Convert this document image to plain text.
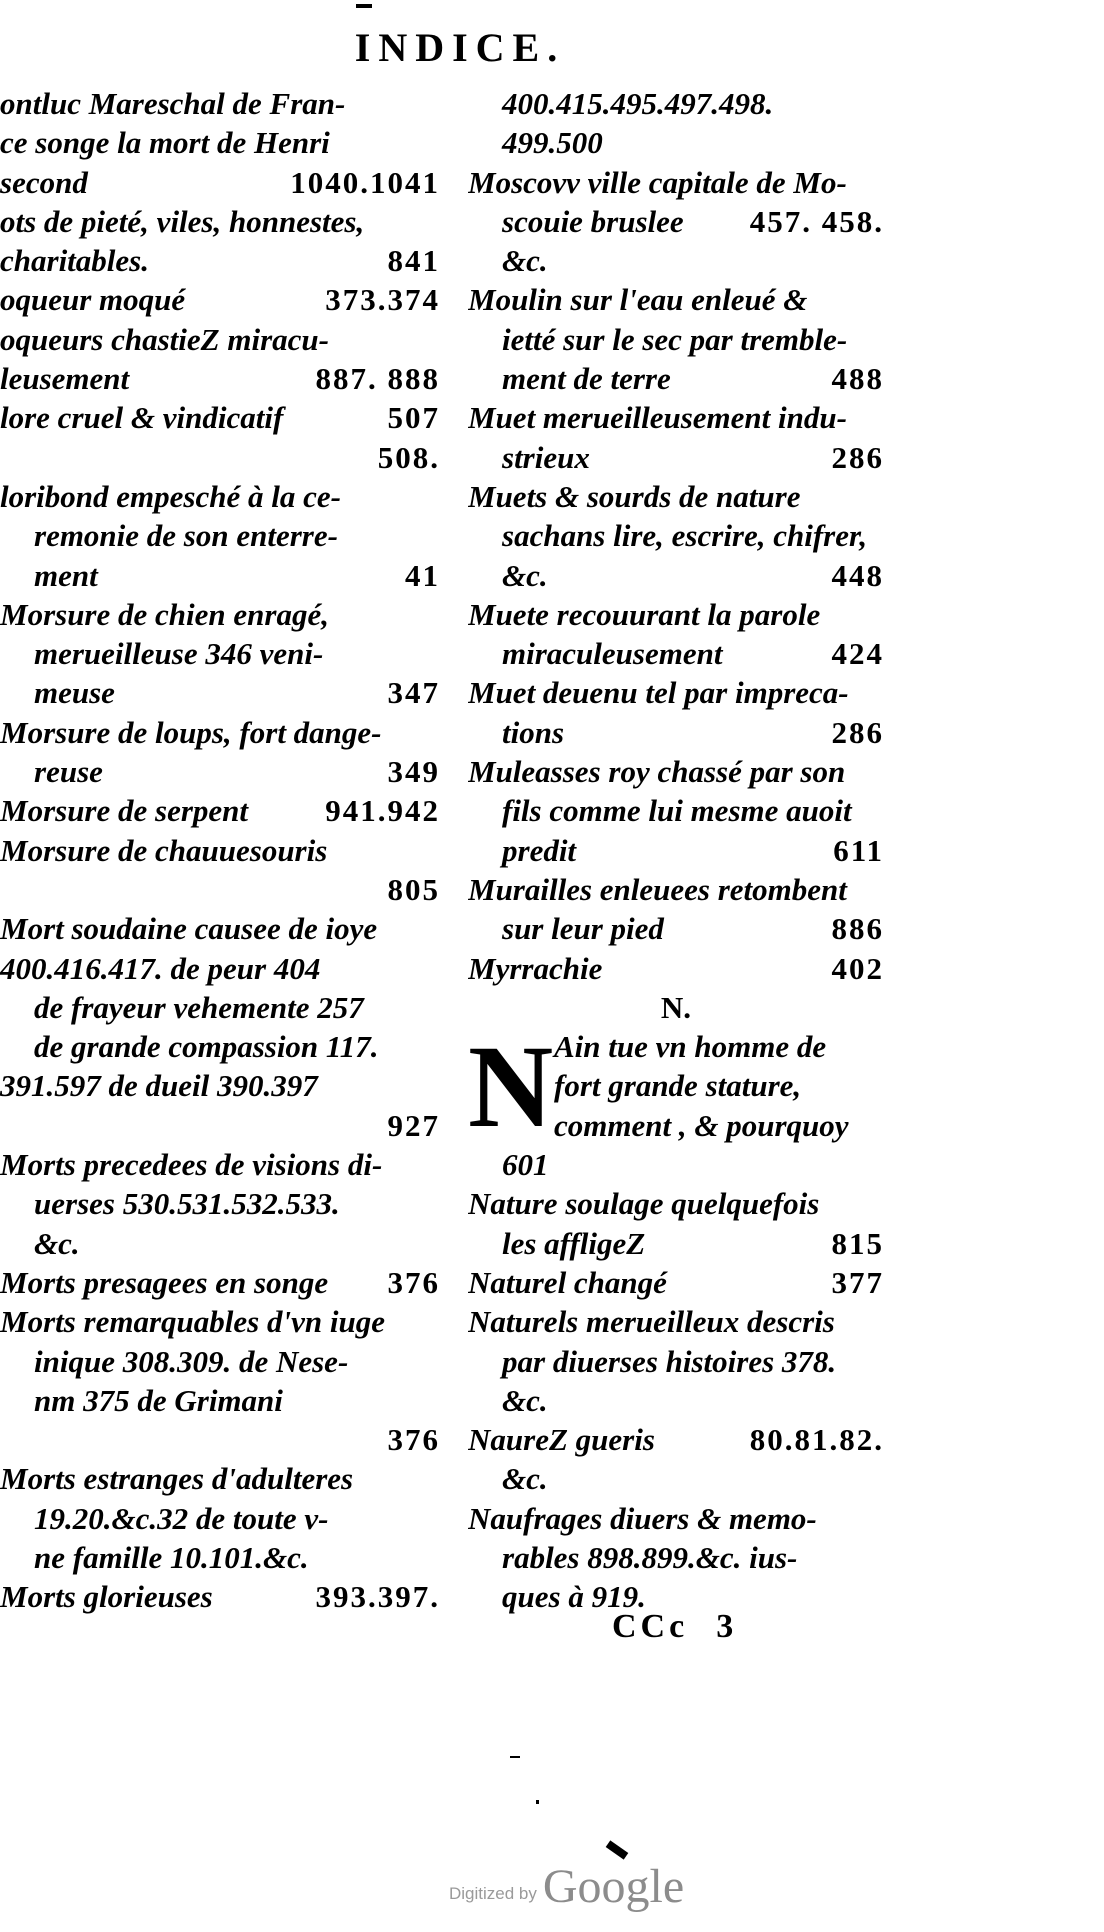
INDICE.
ontluc Mareschal de Fran-
ce songe la mort de Henri
second	1040.1041
ots de pieté, viles, honnestes,
charitables.	841
oqueur moqué	373.374
oqueurs chastieZ miracu-
leusement	887. 888
lore cruel & vindicatif	507
508.
loribond empesché à la ce-
remonie de son enterre-
ment	41
Morsure de chien enragé,
merueilleuse 346 veni-
meuse	347
Morsure de loups, fort dange-
reuse	349
Morsure de serpent 941.942
Morsure de chauuesouris
805
Mort soudaine causee de ioye
400.416.417. de peur 404
de frayeur vehemente 257
de grande compassion 117.
391.597 de dueil 390.397
927
Morts precedees de visions di-
uerses 530.531.532.533.
&c.
Morts presagees en songe 376
Morts remarquables d'vn iuge
inique 308.309. de Nese-
nm 375 de Grimani
376
Morts estranges d'adulteres
19.20.&c.32 de toute v-
ne famille 10.101.&c.
Morts glorieuses	393.397.
400.415.495.497.498.
499.500
Moscovv ville capitale de Mo-
scouie bruslee 457. 458.
&c.
Moulin sur l'eau enleué &
ietté sur le sec par tremble-
ment de terre	488
Muet merueilleusement indu-
strieux	286
Muets & sourds de nature
sachans lire, escrire, chifrer,
&c.	448
Muete recouurant la parole
miraculeusement	424
Muet deuenu tel par impreca-
tions	286
Muleasses roy chassé par son
fils comme lui mesme auoit
predit	611
Murailles enleuees retombent
sur leur pied	886
Myrrachie	402
N.
N Ain tue vn homme de
fort grande stature,
comment , & pourquoy
601
Nature soulage quelquefois
les affligeZ	815
Naturel changé	377
Naturels merueilleux descris
par diuerses histoires 378.
&c.
NaureZ gueris	80.81.82.
&c.
Naufrages diuers & memo-
rables 898.899.&c. ius-
ques à 919.
CCc 3
Digitized by Google
